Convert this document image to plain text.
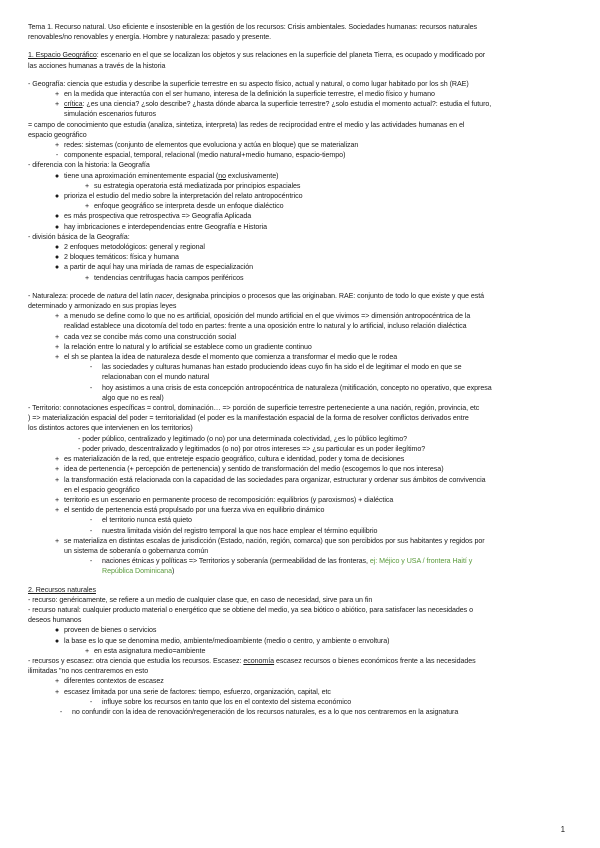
Tema 1. Recurso natural. Uso eficiente e insostenible en la gestión de los recursos: Crisis ambientales. Sociedades humanas: recursos naturales
renovables/no renovables y energía. Hombre y naturaleza: pasado y presente.
1. Espacio Geográfico: escenario en el que se localizan los objetos y sus relaciones en la superficie del planeta Tierra, es ocupado y modificado por
las acciones humanas a través de la historia
- Geografía: ciencia que estudia y describe la superficie terrestre en su aspecto físico, actual y natural, o como lugar habitado por los sh (RAE)
+ en la medida que interactúa con el ser humano, interesa de la definición la superficie terrestre, el medio físico y humano
+ crítica: ¿es una ciencia? ¿solo describe? ¿hasta dónde abarca la superficie terrestre? ¿solo estudia el momento actual?: estudia el futuro,
simulación escenarios futuros
= campo de conocimiento que estudia (analiza, sintetiza, interpreta) las redes de reciprocidad entre el medio y las actividades humanas en el
espacio geográfico
+ redes: sistemas (conjunto de elementos que evoluciona y actúa en bloque) que se materializan
- componente espacial, temporal, relacional (medio natural+medio humano, espacio-tiempo)
- diferencia con la historia: la Geografía
● tiene una aproximación eminentemente espacial (no exclusivamente)
+ su estrategia operatoria está mediatizada por principios espaciales
● prioriza el estudio del medio sobre la interpretación del relato antropocéntrico
+ enfoque geográfico se interpreta desde un enfoque dialéctico
● es más prospectiva que retrospectiva => Geografía Aplicada
● hay imbricaciones e interdependencias entre Geografía e Historia
- división básica de la Geografía:
● 2 enfoques metodológicos: general y regional
● 2 bloques temáticos: física y humana
● a partir de aquí hay una miríada de ramas de especialización
+ tendencias centrífugas hacia campos periféricos
- Naturaleza: procede de natura del latín nacer, designaba principios o procesos que las originaban. RAE: conjunto de todo lo que existe y que está
determinado y armonizado en sus propias leyes
+ a menudo se define como lo que no es artificial, oposición del mundo artificial en el que vivimos => dimensión antropocéntrica de la
realidad establece una dicotomía del todo en partes: frente a una oposición entre lo natural y lo artificial, incluso relación dialéctica
+ cada vez se concibe más como una construcción social
+ la relación entre lo natural y lo artificial se establece como un gradiente continuo
+ el sh se plantea la idea de naturaleza desde el momento que comienza a transformar el medio que le rodea
-	las sociedades y culturas humanas han estado produciendo ideas cuyo fin ha sido el de legitimar el modo en que se
relacionaban con el mundo natural
-	hoy asistimos a una crisis de esta concepción antropocéntrica de naturaleza (mitificación, concepto no operativo, que expresa
algo que no es real)
- Territorio: connotaciones específicas = control, dominación… => porción de superficie terrestre perteneciente a una nación, región, provincia, etc
) => materialización espacial del poder = territorialidad (el poder es la manifestación espacial de la forma de resolver conflictos derivados entre
los distintos actores que intervienen en los territorios)
- poder público, centralizado y legitimado (o no) por una determinada colectividad, ¿es lo público legítimo?
- poder privado, descentralizado y legitimados (o no) por otros intereses => ¿su particular es un poder ilegítimo?
+ es materialización de la red, que entreteje espacio geográfico, cultura e identidad, poder y toma de decisiones
+ idea de pertenencia (+ percepción de pertenencia) y sentido de transformación del medio (escogemos lo que nos interesa)
+ la transformación está relacionada con la capacidad de las sociedades para organizar, estructurar y ordenar sus ámbitos de convivencia
en el espacio geográfico
+ territorio es un escenario en permanente proceso de recomposición: equilibrios (y paroxismos) + dialéctica
+ el sentido de pertenencia está propulsado por una fuerza viva en equilibrio dinámico
-	el territorio nunca está quieto
-	nuestra limitada visión del registro temporal la que nos hace emplear el término equilibrio
+ se materializa en distintas escalas de jurisdicción (Estado, nación, región, comarca) que son percibidos por sus habitantes y regidos por
un sistema de soberanía o gobernanza común
-	naciones étnicas y políticas => Territorios y soberanía (permeabilidad de las fronteras, ej: Méjico y USA / frontera Haití y
República Dominicana)
2. Recursos naturales
- recurso: genéricamente, se refiere a un medio de cualquier clase que, en caso de necesidad, sirve para un fin
- recurso natural: cualquier producto material o energético que se obtiene del medio, ya sea biótico o abiótico, para satisfacer las necesidades o
deseos humanos
● proveen de bienes o servicios
● la base es lo que se denomina medio, ambiente/medioambiente (medio o centro, y ambiente o envoltura)
+ en esta asignatura medio=ambiente
- recursos y escasez: otra ciencia que estudia los recursos. Escasez: economía escasez recursos o bienes económicos frente a las necesidades
ilimitadas "no nos centraremos en esto
+ diferentes contextos de escasez
+ escasez limitada por una serie de factores: tiempo, esfuerzo, organización, capital, etc
-	influye sobre los recursos en tanto que los en el contexto del sistema económico
-	no confundir con la idea de renovación/regeneración de los recursos naturales, es a lo que nos centraremos en la asignatura
1
